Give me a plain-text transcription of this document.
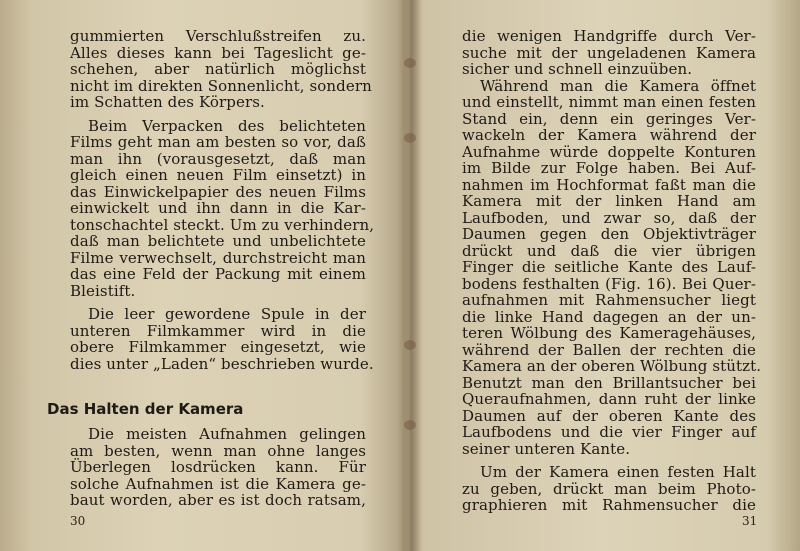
gummierten Verschlußstreifen zu.
Alles dieses kann bei Tageslicht ge-
schehen, aber natürlich möglichst
nicht im direkten Sonnenlicht, sondern
im Schatten des Körpers.
Beim Verpacken des belichteten
Films geht man am besten so vor, daß
man ihn (vorausgesetzt, daß man
gleich einen neuen Film einsetzt) in
das Einwickelpapier des neuen Films
einwickelt und ihn dann in die Kar-
tonschachtel steckt. Um zu verhindern,
daß man belichtete und unbelichtete
Filme verwechselt, durchstreicht man
das eine Feld der Packung mit einem
Bleistift.
Die leer gewordene Spule in der
unteren Filmkammer wird in die
obere Filmkammer eingesetzt, wie
dies unter „Laden“ beschrieben wurde.
Das Halten der Kamera
Die meisten Aufnahmen gelingen
am besten, wenn man ohne langes
Überlegen losdrücken kann. Für
solche Aufnahmen ist die Kamera ge-
baut worden, aber es ist doch ratsam,
30
die wenigen Handgriffe durch Ver-
suche mit der ungeladenen Kamera
sicher und schnell einzuüben.
Während man die Kamera öffnet
und einstellt, nimmt man einen festen
Stand ein, denn ein geringes Ver-
wackeln der Kamera während der
Aufnahme würde doppelte Konturen
im Bilde zur Folge haben. Bei Auf-
nahmen im Hochformat faßt man die
Kamera mit der linken Hand am
Laufboden, und zwar so, daß der
Daumen gegen den Objektivträger
drückt und daß die vier übrigen
Finger die seitliche Kante des Lauf-
bodens festhalten (Fig. 16). Bei Quer-
aufnahmen mit Rahmensucher liegt
die linke Hand dagegen an der un-
teren Wölbung des Kameragehäuses,
während der Ballen der rechten die
Kamera an der oberen Wölbung stützt.
Benutzt man den Brillantsucher bei
Queraufnahmen, dann ruht der linke
Daumen auf der oberen Kante des
Laufbodens und die vier Finger auf
seiner unteren Kante.
Um der Kamera einen festen Halt
zu geben, drückt man beim Photo-
graphieren mit Rahmensucher die
31
